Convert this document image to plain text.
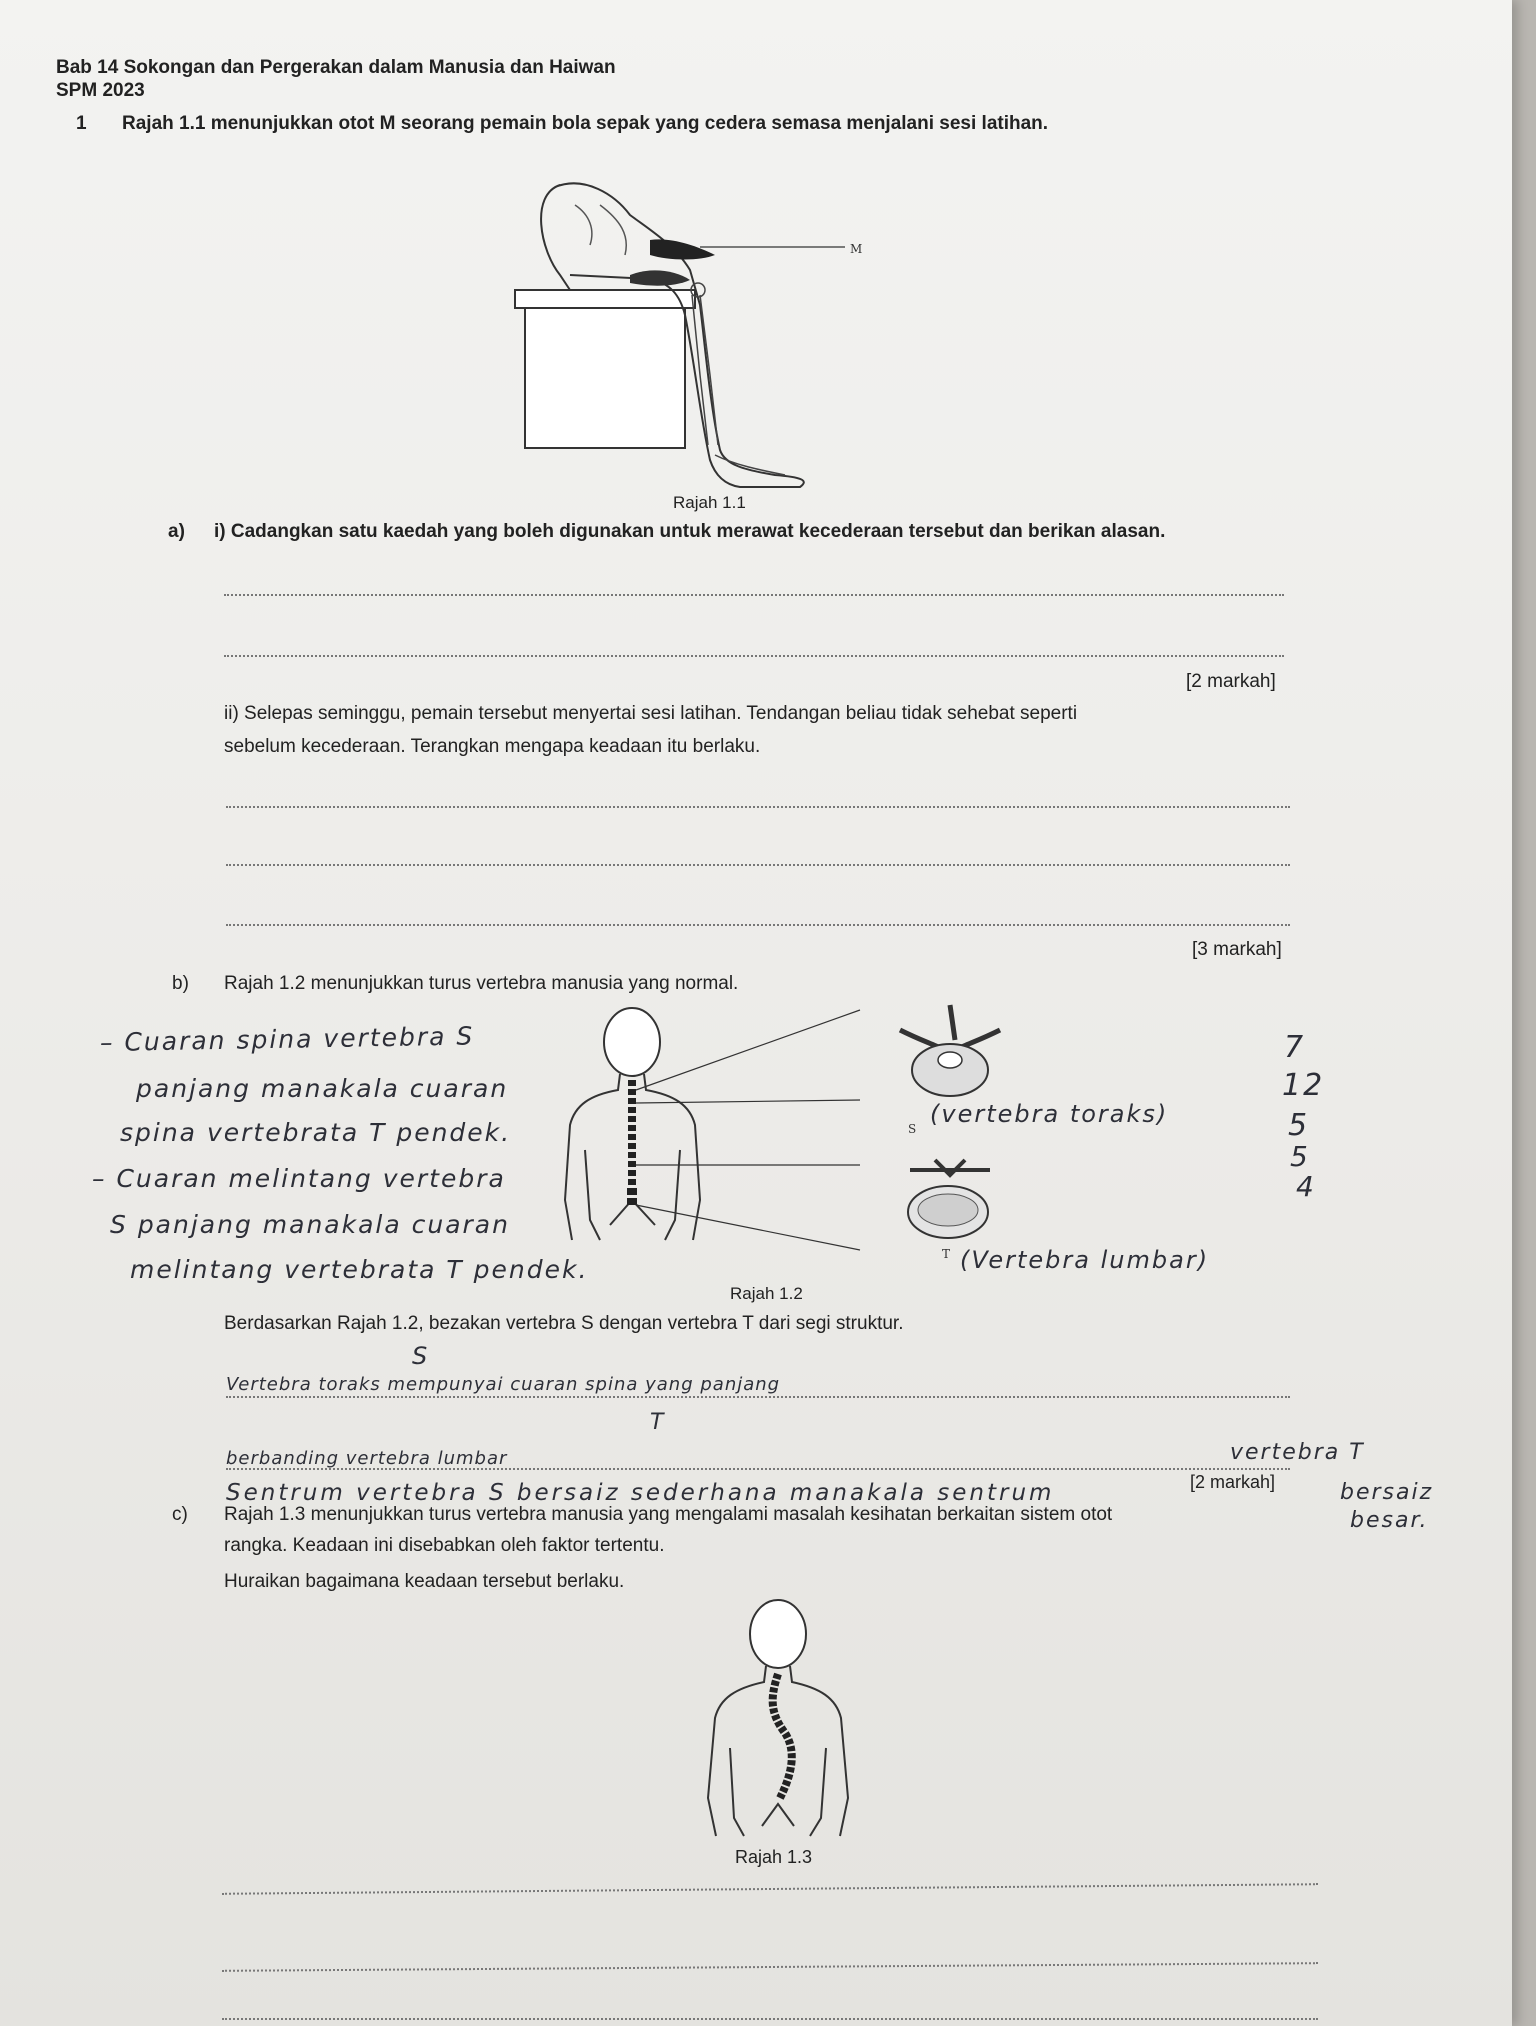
Bab 14 Sokongan dan Pergerakan dalam Manusia dan Haiwan
SPM 2023
1 Rajah 1.1 menunjukkan otot M seorang pemain bola sepak yang cedera semasa menjalani sesi latihan.
M
Rajah 1.1
a) i) Cadangkan satu kaedah yang boleh digunakan untuk merawat kecederaan tersebut dan berikan alasan.
[2 markah]
ii) Selepas seminggu, pemain tersebut menyertai sesi latihan. Tendangan beliau tidak sehebat seperti
sebelum kecederaan. Terangkan mengapa keadaan itu berlaku.
[3 markah]
b) Rajah 1.2 menunjukkan turus vertebra manusia yang normal.
S
T
Rajah 1.2
– Cuaran spina vertebra S
panjang manakala cuaran
spina vertebrata T pendek.
– Cuaran melintang vertebra
S panjang manakala cuaran
melintang vertebrata T pendek.
(vertebra toraks)
(Vertebra lumbar)
7
12
5
5
4
Berdasarkan Rajah 1.2, bezakan vertebra S dengan vertebra T dari segi struktur.
S
Vertebra toraks mempunyai cuaran spina yang panjang
T
berbanding vertebra lumbar	vertebra T
Sentrum vertebra S bersaiz sederhana manakala sentrum	[2 markah]	bersaiz
besar.
c) Rajah 1.3 menunjukkan turus vertebra manusia yang mengalami masalah kesihatan berkaitan sistem otot
rangka. Keadaan ini disebabkan oleh faktor tertentu.
Huraikan bagaimana keadaan tersebut berlaku.
Rajah 1.3
